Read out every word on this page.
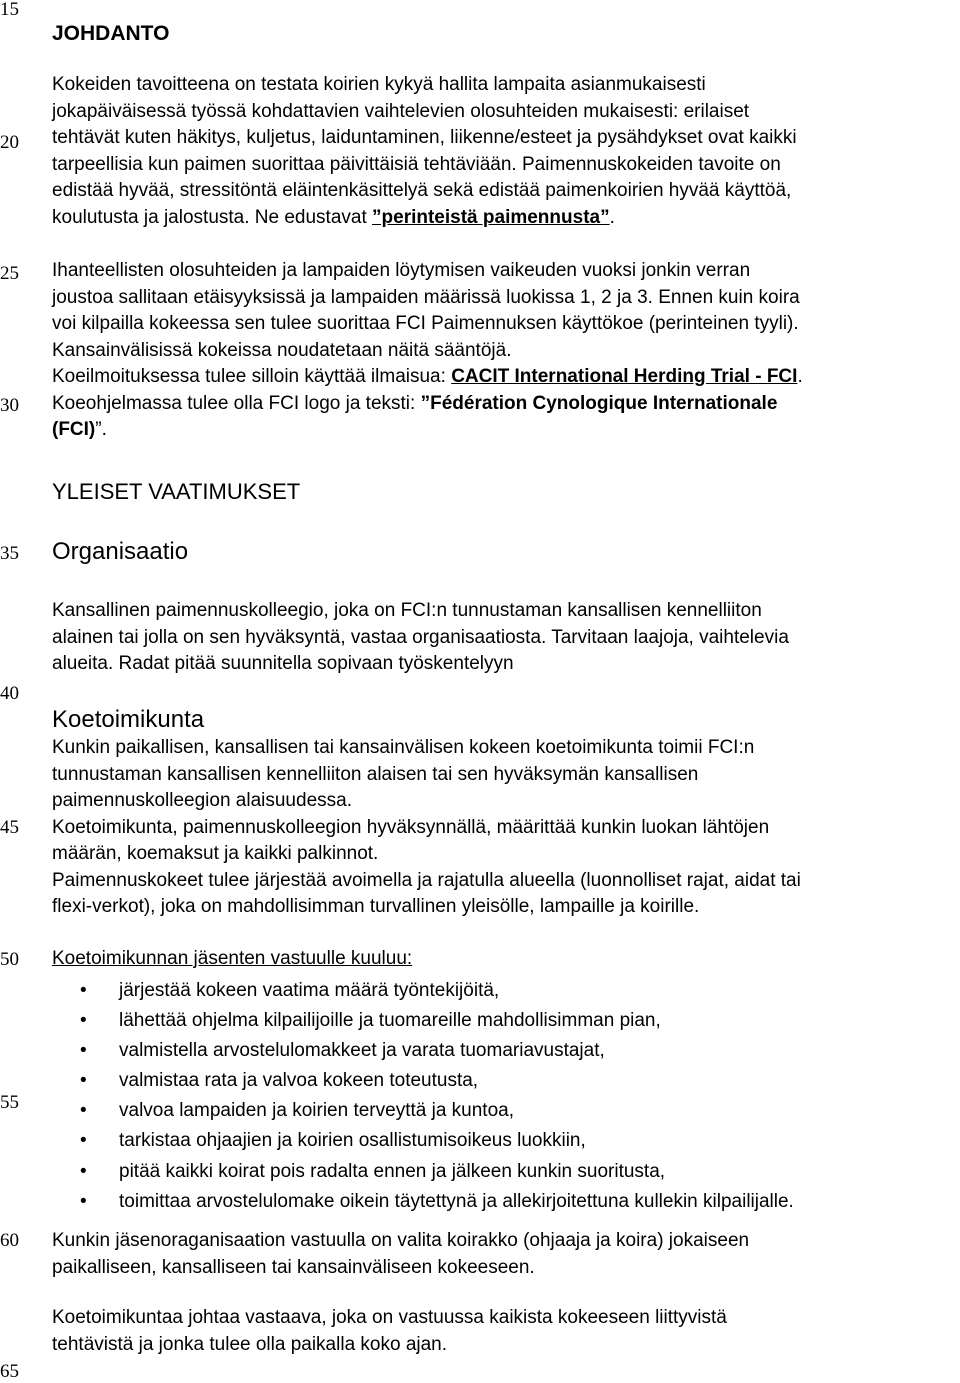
15
20
25
30
35
40
45
50
55
60
65
JOHDANTO
Kokeiden tavoitteena on testata koirien kykyä hallita lampaita asianmukaisesti
jokapäiväisessä työssä kohdattavien vaihtelevien olosuhteiden mukaisesti: erilaiset
tehtävät kuten häkitys, kuljetus, laiduntaminen, liikenne/esteet ja pysähdykset ovat kaikki
tarpeellisia kun paimen suorittaa päivittäisiä tehtäviään. Paimennuskokeiden tavoite on
edistää hyvää, stressitöntä eläintenkäsittelyä sekä edistää paimenkoirien hyvää käyttöä,
koulutusta ja jalostusta. Ne edustavat ”perinteistä paimennusta”.
Ihanteellisten olosuhteiden ja lampaiden löytymisen vaikeuden vuoksi jonkin verran
joustoa sallitaan etäisyyksissä ja lampaiden määrissä luokissa 1, 2 ja 3. Ennen kuin koira
voi kilpailla kokeessa sen tulee suorittaa FCI Paimennuksen käyttökoe (perinteinen tyyli).
Kansainvälisissä kokeissa noudatetaan näitä sääntöjä.
Koeilmoituksessa tulee silloin käyttää ilmaisua: CACIT International Herding Trial - FCI.
Koeohjelmassa tulee olla FCI logo ja teksti: ”Fédération Cynologique Internationale
(FCI)”.
YLEISET VAATIMUKSET
Organisaatio
Kansallinen paimennuskolleegio, joka on FCI:n tunnustaman kansallisen kennelliiton
alainen tai jolla on sen hyväksyntä, vastaa organisaatiosta. Tarvitaan laajoja, vaihtelevia
alueita. Radat pitää suunnitella sopivaan työskentelyyn
Koetoimikunta
Kunkin paikallisen, kansallisen tai kansainvälisen kokeen koetoimikunta toimii FCI:n
tunnustaman kansallisen kennelliiton alaisen tai sen hyväksymän kansallisen
paimennuskolleegion alaisuudessa.
Koetoimikunta, paimennuskolleegion hyväksynnällä, määrittää kunkin luokan lähtöjen
määrän, koemaksut ja kaikki palkinnot.
Paimennuskokeet tulee järjestää avoimella ja rajatulla alueella (luonnolliset rajat, aidat tai
flexi-verkot), joka on mahdollisimman turvallinen yleisölle, lampaille ja koirille.
Koetoimikunnan jäsenten vastuulle kuuluu:
• järjestää kokeen vaatima määrä työntekijöitä,
• lähettää ohjelma kilpailijoille ja tuomareille mahdollisimman pian,
• valmistella arvostelulomakkeet ja varata tuomariavustajat,
• valmistaa rata ja valvoa kokeen toteutusta,
• valvoa lampaiden ja koirien terveyttä ja kuntoa,
• tarkistaa ohjaajien ja koirien osallistumisoikeus luokkiin,
• pitää kaikki koirat pois radalta ennen ja jälkeen kunkin suoritusta,
• toimittaa arvostelulomake oikein täytettynä ja allekirjoitettuna kullekin kilpailijalle.
Kunkin jäsenoraganisaation vastuulla on valita koirakko (ohjaaja ja koira) jokaiseen
paikalliseen, kansalliseen tai kansainväliseen kokeeseen.
Koetoimikuntaa johtaa vastaava, joka on vastuussa kaikista kokeeseen liittyvistä
tehtävistä ja jonka tulee olla paikalla koko ajan.
